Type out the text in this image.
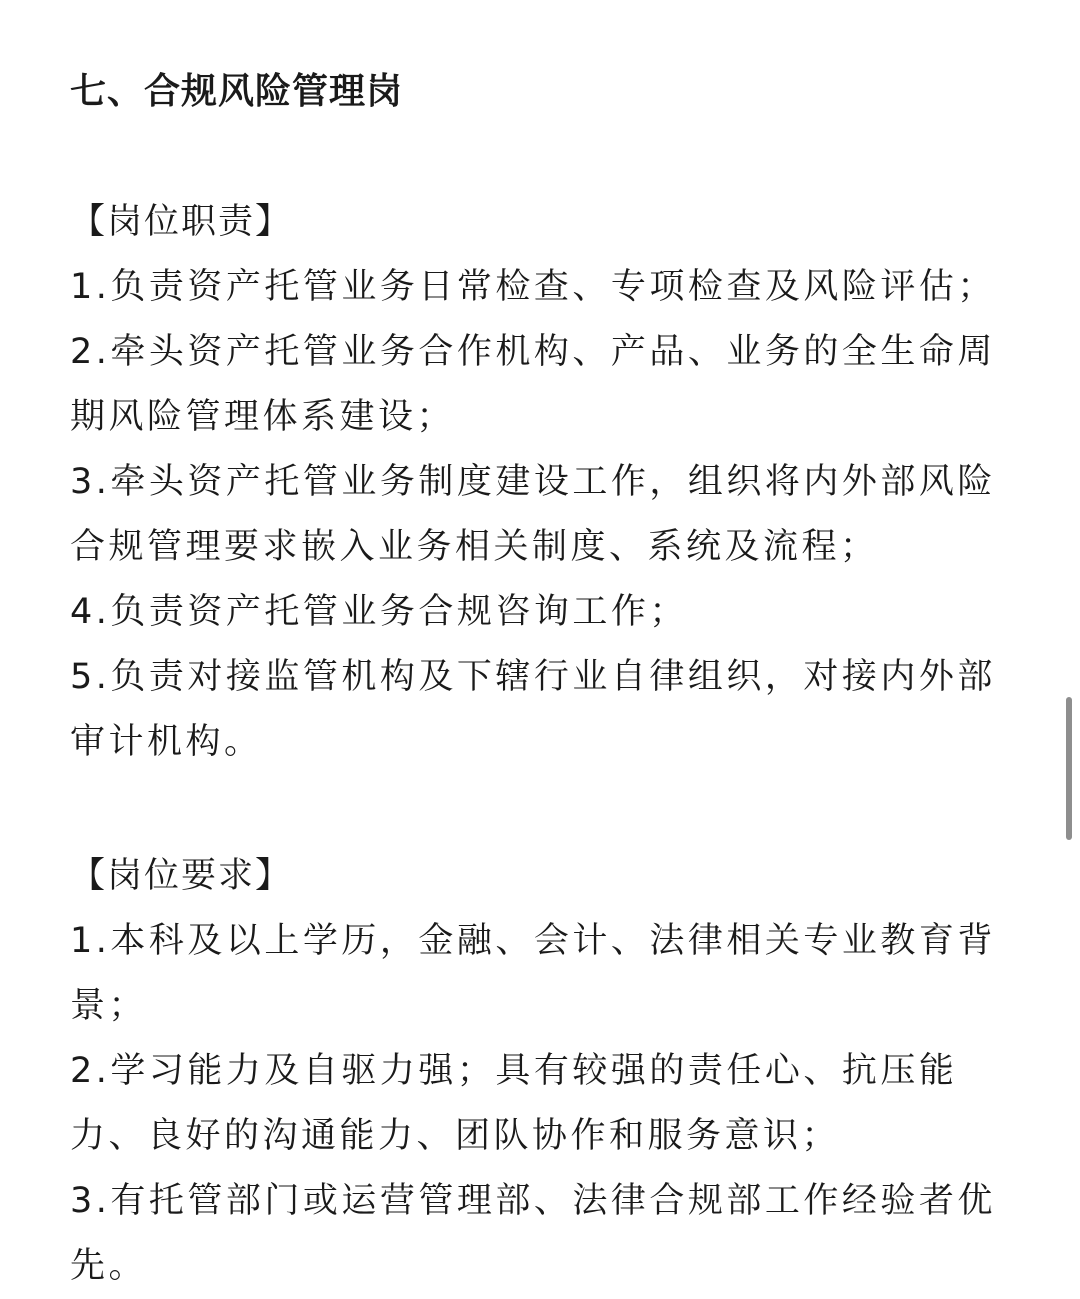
七、合规风险管理岗
【岗位职责】
1.负责资产托管业务日常检查、专项检查及风险评估；
2.牵头资产托管业务合作机构、产品、业务的全生命周期风险管理体系建设；
3.牵头资产托管业务制度建设工作，组织将内外部风险合规管理要求嵌入业务相关制度、系统及流程；
4.负责资产托管业务合规咨询工作；
5.负责对接监管机构及下辖行业自律组织，对接内外部审计机构。
【岗位要求】
1.本科及以上学历，金融、会计、法律相关专业教育背景；
2.学习能力及自驱力强；具有较强的责任心、抗压能力、良好的沟通能力、团队协作和服务意识；
3.有托管部门或运营管理部、法律合规部工作经验者优先。
